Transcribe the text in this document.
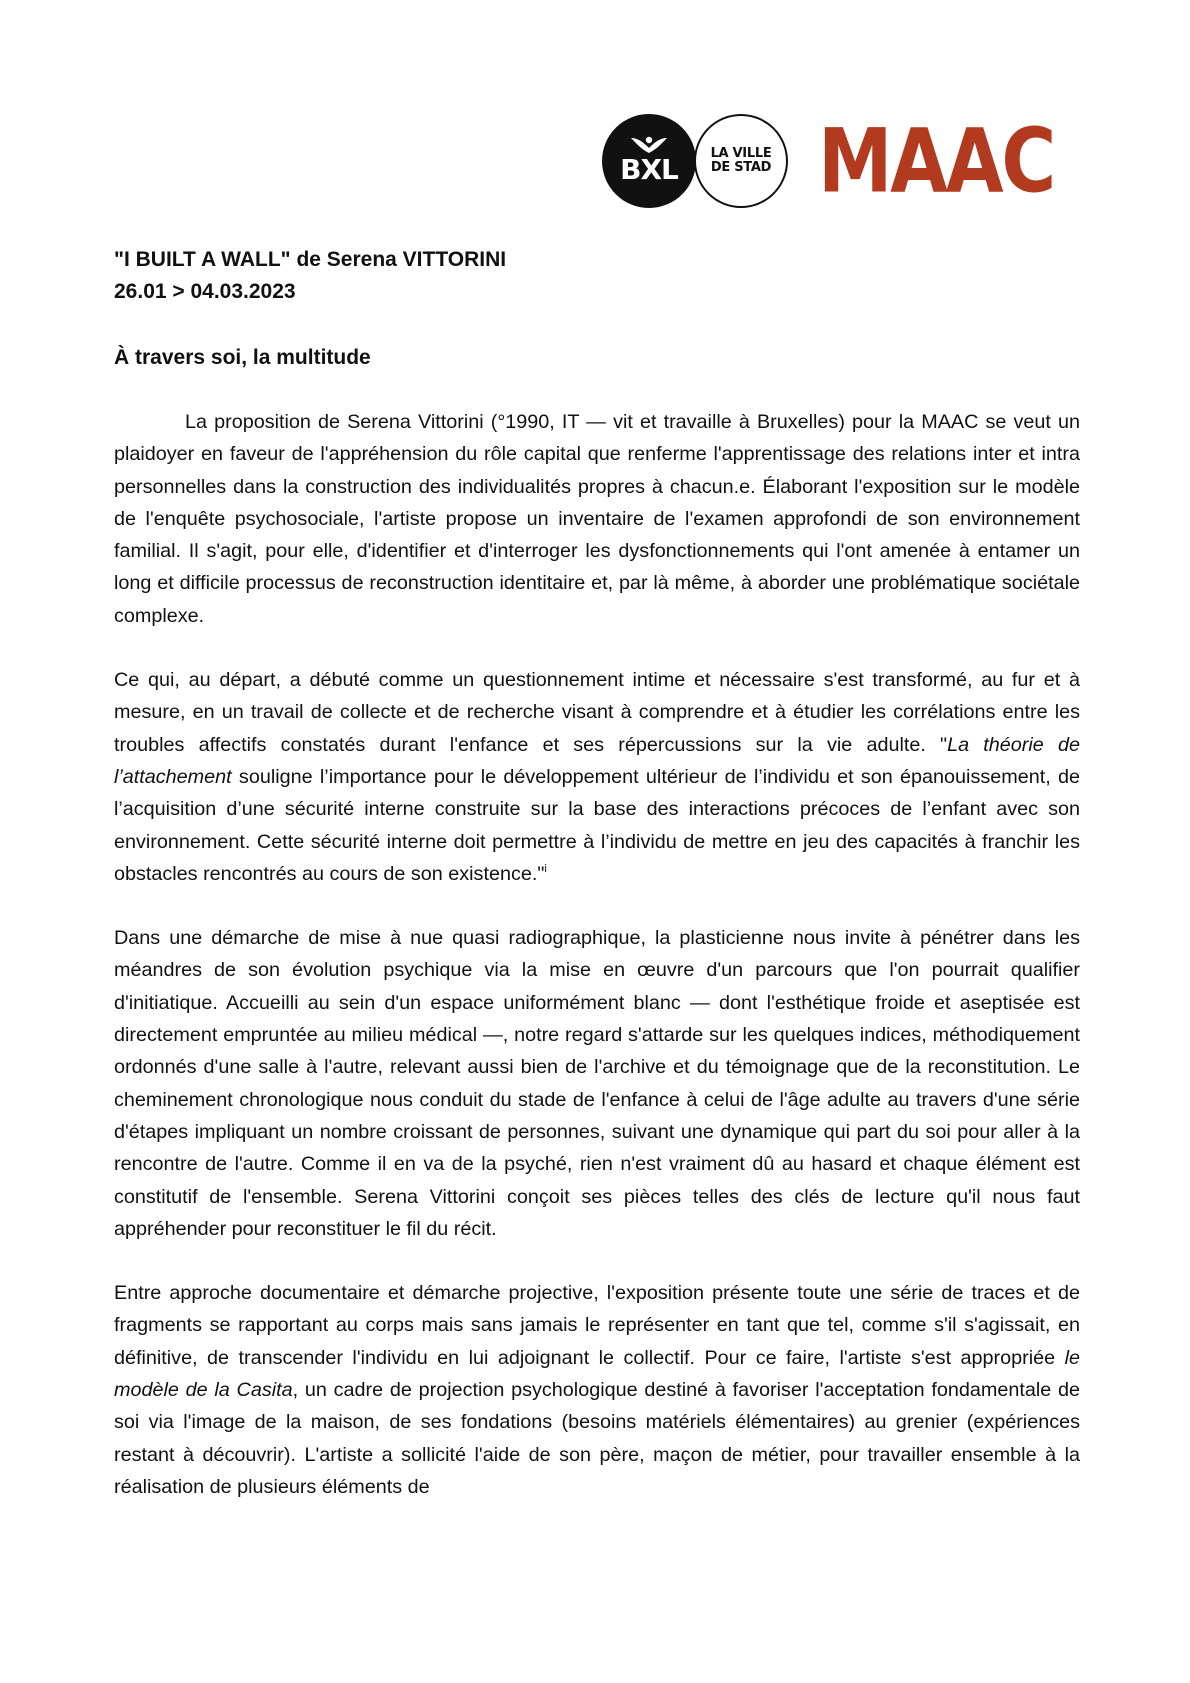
BXL	LA VILLE
DE STAD MAAC

"I BUILT A WALL" de Serena VITTORINI

26.01 > 04.03.2023

À travers soi, la multitude

La proposition de Serena Vittorini (°1990, IT — vit et travaille à Bruxelles) pour la MAAC se veut un plaidoyer en faveur de l'appréhension du rôle capital que renferme l'apprentissage des relations inter et intra personnelles dans la construction des individualités propres à chacun.e. Élaborant l'exposition sur le modèle de l'enquête psychosociale, l'artiste propose un inventaire de l'examen approfondi de son environnement familial. Il s'agit, pour elle, d'identifier et d'interroger les dysfonctionnements qui l'ont amenée à entamer un long et difficile processus de reconstruction identitaire et, par là même, à aborder une problématique sociétale complexe.

Ce qui, au départ, a débuté comme un questionnement intime et nécessaire s'est transformé, au fur et à mesure, en un travail de collecte et de recherche visant à comprendre et à étudier les corrélations entre les troubles affectifs constatés durant l'enfance et ses répercussions sur la vie adulte. "La théorie de l’attachement souligne l’importance pour le développement ultérieur de l’individu et son épanouissement, de l’acquisition d’une sécurité interne construite sur la base des interactions précoces de l’enfant avec son environnement. Cette sécurité interne doit permettre à l’individu de mettre en jeu des capacités à franchir les obstacles rencontrés au cours de son existence."$^i$

Dans une démarche de mise à nue quasi radiographique, la plasticienne nous invite à pénétrer dans les méandres de son évolution psychique via la mise en œuvre d'un parcours que l'on pourrait qualifier d'initiatique. Accueilli au sein d'un espace uniformément blanc — dont l'esthétique froide et aseptisée est directement empruntée au milieu médical —, notre regard s'attarde sur les quelques indices, méthodiquement ordonnés d'une salle à l'autre, relevant aussi bien de l'archive et du témoignage que de la reconstitution. Le cheminement chronologique nous conduit du stade de l'enfance à celui de l'âge adulte au travers d'une série d'étapes impliquant un nombre croissant de personnes, suivant une dynamique qui part du soi pour aller à la rencontre de l'autre. Comme il en va de la psyché, rien n'est vraiment dû au hasard et chaque élément est constitutif de l'ensemble. Serena Vittorini conçoit ses pièces telles des clés de lecture qu'il nous faut appréhender pour reconstituer le fil du récit.

Entre approche documentaire et démarche projective, l'exposition présente toute une série de traces et de fragments se rapportant au corps mais sans jamais le représenter en tant que tel, comme s'il s'agissait, en définitive, de transcender l'individu en lui adjoignant le collectif. Pour ce faire, l'artiste s'est appropriée le modèle de la Casita, un cadre de projection psychologique destiné à favoriser l'acceptation fondamentale de soi via l'image de la maison, de ses fondations (besoins matériels élémentaires) au grenier (expériences restant à découvrir). L'artiste a sollicité l'aide de son père, maçon de métier, pour travailler ensemble à la réalisation de plusieurs éléments de
